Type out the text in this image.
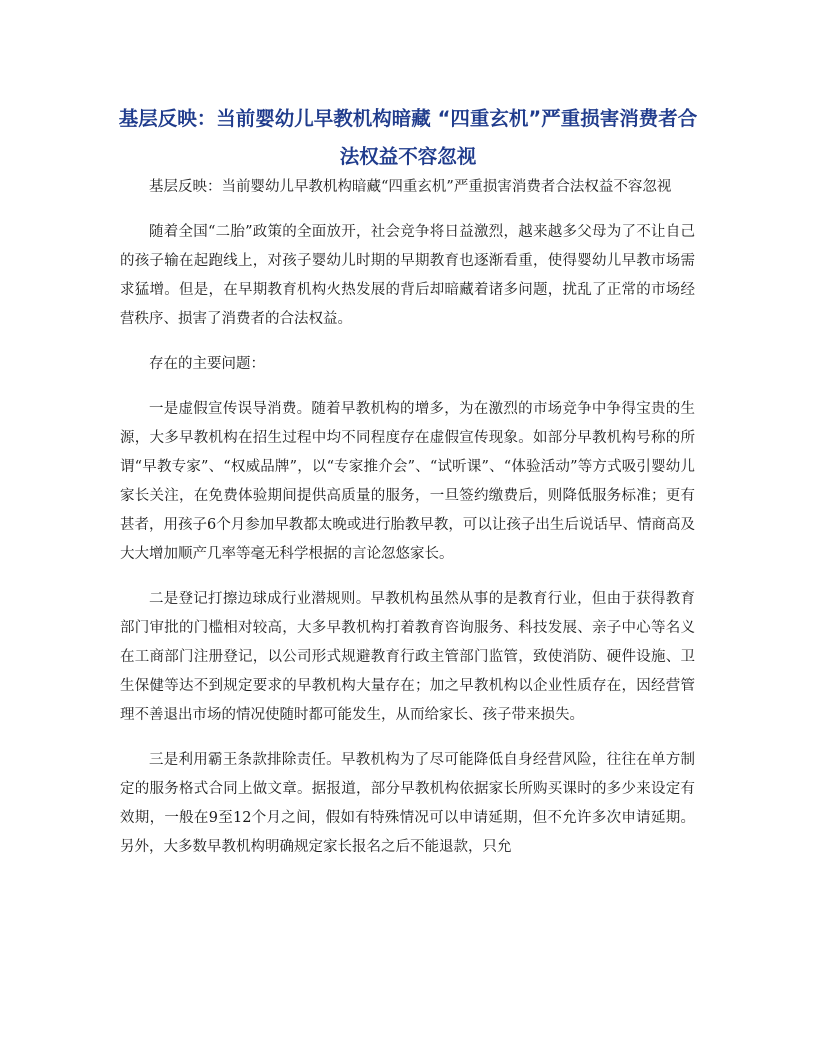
基层反映：当前婴幼儿早教机构暗藏 “四重玄机”严重损害消费者合法权益不容忽视

基层反映：当前婴幼儿早教机构暗藏“四重玄机”严重损害消费者合法权益不容忽视

随着全国“二胎”政策的全面放开，社会竞争将日益激烈，越来越多父母为了不让自己的孩子输在起跑线上，对孩子婴幼儿时期的早期教育也逐渐看重，使得婴幼儿早教市场需求猛增。但是，在早期教育机构火热发展的背后却暗藏着诸多问题，扰乱了正常的市场经营秩序、损害了消费者的合法权益。

存在的主要问题：

一是虚假宣传误导消费。随着早教机构的增多，为在激烈的市场竞争中争得宝贵的生源，大多早教机构在招生过程中均不同程度存在虚假宣传现象。如部分早教机构号称的所谓“早教专家”、“权威品牌”，以“专家推介会”、“试听课”、“体验活动”等方式吸引婴幼儿家长关注，在免费体验期间提供高质量的服务，一旦签约缴费后，则降低服务标准；更有甚者，用孩子6个月参加早教都太晚或进行胎教早教，可以让孩子出生后说话早、情商高及大大增加顺产几率等毫无科学根据的言论忽悠家长。

二是登记打擦边球成行业潜规则。早教机构虽然从事的是教育行业，但由于获得教育部门审批的门槛相对较高，大多早教机构打着教育咨询服务、科技发展、亲子中心等名义在工商部门注册登记，以公司形式规避教育行政主管部门监管，致使消防、硬件设施、卫生保健等达不到规定要求的早教机构大量存在；加之早教机构以企业性质存在，因经营管理不善退出市场的情况使随时都可能发生，从而给家长、孩子带来损失。

三是利用霸王条款排除责任。早教机构为了尽可能降低自身经营风险，往往在单方制定的服务格式合同上做文章。据报道，部分早教机构依据家长所购买课时的多少来设定有效期，一般在9至12个月之间，假如有特殊情况可以申请延期，但不允许多次申请延期。另外，大多数早教机构明确规定家长报名之后不能退款，只允
